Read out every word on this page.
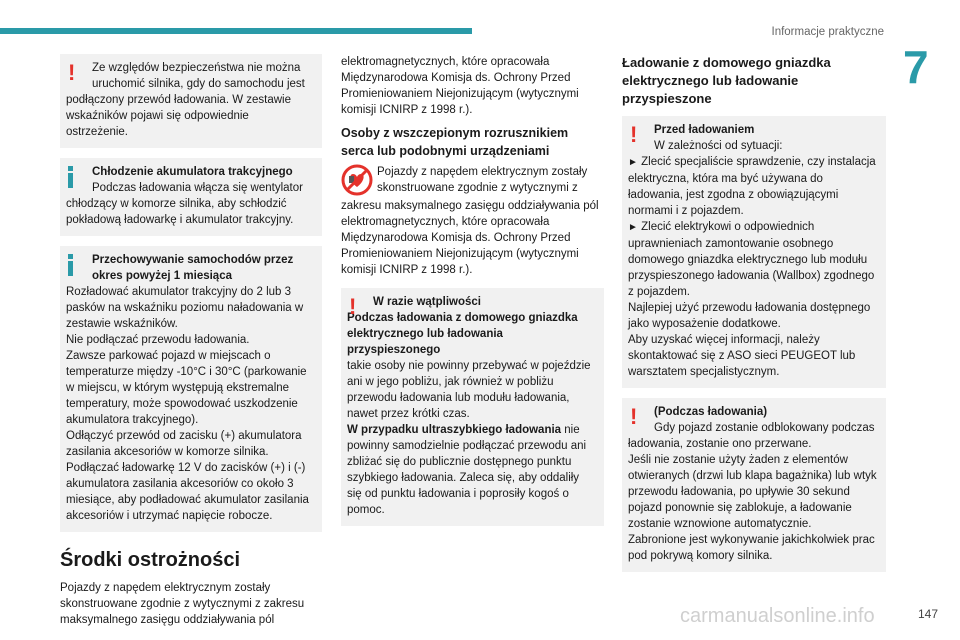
Informacje praktyczne
7
!	Ze względów bezpieczeństwa nie można uruchomić silnika, gdy do samochodu jest

podłączony przewód ładowania. W zestawie wskaźników pojawi się odpowiednie ostrzeżenie.

Chłodzenie akumulatora trakcyjnego

Podczas ładowania włącza się wentylator

chłodzący w komorze silnika, aby schłodzić pokładową ładowarkę i akumulator trakcyjny.

Przechowywanie samochodów przez okres powyżej 1 miesiąca

Rozładować akumulator trakcyjny do 2 lub 3 pasków na wskaźniku poziomu naładowania w zestawie wskaźników.

Nie podłączać przewodu ładowania.

Zawsze parkować pojazd w miejscach o temperaturze między -10°C i 30°C (parkowanie w miejscu, w którym występują ekstremalne temperatury, może spowodować uszkodzenie akumulatora trakcyjnego).

Odłączyć przewód od zacisku (+) akumulatora zasilania akcesoriów w komorze silnika.

Podłączać ładowarkę 12 V do zacisków (+) i (-) akumulatora zasilania akcesoriów co około 3 miesiące, aby podładować akumulator zasilania akcesoriów i utrzymać napięcie robocze.

Środki ostrożności

Pojazdy z napędem elektrycznym zostały skonstruowane zgodnie z wytycznymi z zakresu maksymalnego zasięgu oddziaływania pól

elektromagnetycznych, które opracowała Międzynarodowa Komisja ds. Ochrony Przed Promieniowaniem Niejonizującym (wytycznymi komisji ICNIRP z 1998 r.).

Osoby z wszczepionym rozrusznikiem serca lub podobnymi urządzeniami

Pojazdy z napędem elektrycznym zostały skonstruowane zgodnie z wytycznymi z

zakresu maksymalnego zasięgu oddziaływania pól elektromagnetycznych, które opracowała Międzynarodowa Komisja ds. Ochrony Przed Promieniowaniem Niejonizującym (wytycznymi komisji ICNIRP z 1998 r.).

!	W razie wątpliwości

Podczas ładowania z domowego gniazdka elektrycznego lub ładowania przyspieszonego

takie osoby nie powinny przebywać w pojeździe ani w jego pobliżu, jak również w pobliżu przewodu ładowania lub modułu ładowania, nawet przez krótki czas.

W przypadku ultraszybkiego ładowania nie powinny samodzielnie podłączać przewodu ani zbliżać się do publicznie dostępnego punktu szybkiego ładowania. Zaleca się, aby oddaliły się od punktu ładowania i poprosiły kogoś o pomoc.

Ładowanie z domowego gniazdka elektrycznego lub ładowanie przyspieszone
!	Przed ładowaniem

W zależności od sytuacji:

► Zlecić specjaliście sprawdzenie, czy instalacja elektryczna, która ma być używana do ładowania, jest zgodna z obowiązującymi normami i z pojazdem.

► Zlecić elektrykowi o odpowiednich uprawnieniach zamontowanie osobnego domowego gniazdka elektrycznego lub modułu przyspieszonego ładowania (Wallbox) zgodnego z pojazdem.

Najlepiej użyć przewodu ładowania dostępnego jako wyposażenie dodatkowe.

Aby uzyskać więcej informacji, należy skontaktować się z ASO sieci PEUGEOT lub warsztatem specjalistycznym.

!	(Podczas ładowania)

Gdy pojazd zostanie odblokowany podczas

ładowania, zostanie ono przerwane.

Jeśli nie zostanie użyty żaden z elementów otwieranych (drzwi lub klapa bagażnika) lub wtyk przewodu ładowania, po upływie 30 sekund pojazd ponownie się zablokuje, a ładowanie zostanie wznowione automatycznie.

Zabronione jest wykonywanie jakichkolwiek prac pod pokrywą komory silnika.

carmanualsonline.info	147
